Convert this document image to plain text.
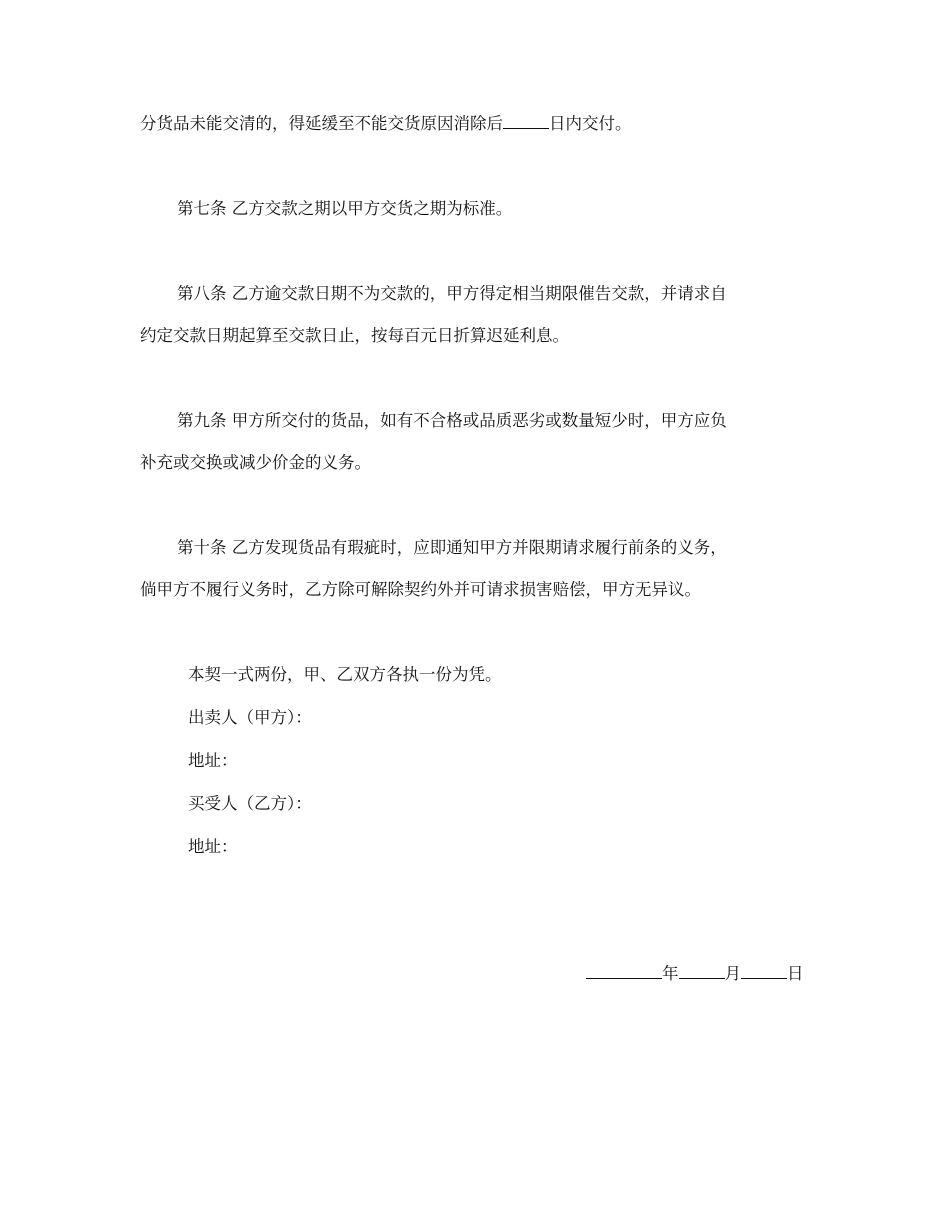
分货品未能交清的，得延缓至不能交货原因消除后	日内交付。

第七条 乙方交款之期以甲方交货之期为标准。

第八条 乙方逾交款日期不为交款的，甲方得定相当期限催告交款，并请求自

约定交款日期起算至交款日止，按每百元日折算迟延利息。

第九条 甲方所交付的货品，如有不合格或品质恶劣或数量短少时，甲方应负

补充或交换或减少价金的义务。

第十条 乙方发现货品有瑕疵时，应即通知甲方并限期请求履行前条的义务，

倘甲方不履行义务时，乙方除可解除契约外并可请求损害赔偿，甲方无异议。

本契一式两份，甲、乙双方各执一份为凭。

出卖人（甲方）：

地址：

买受人（乙方）：

地址：

年	月	日
